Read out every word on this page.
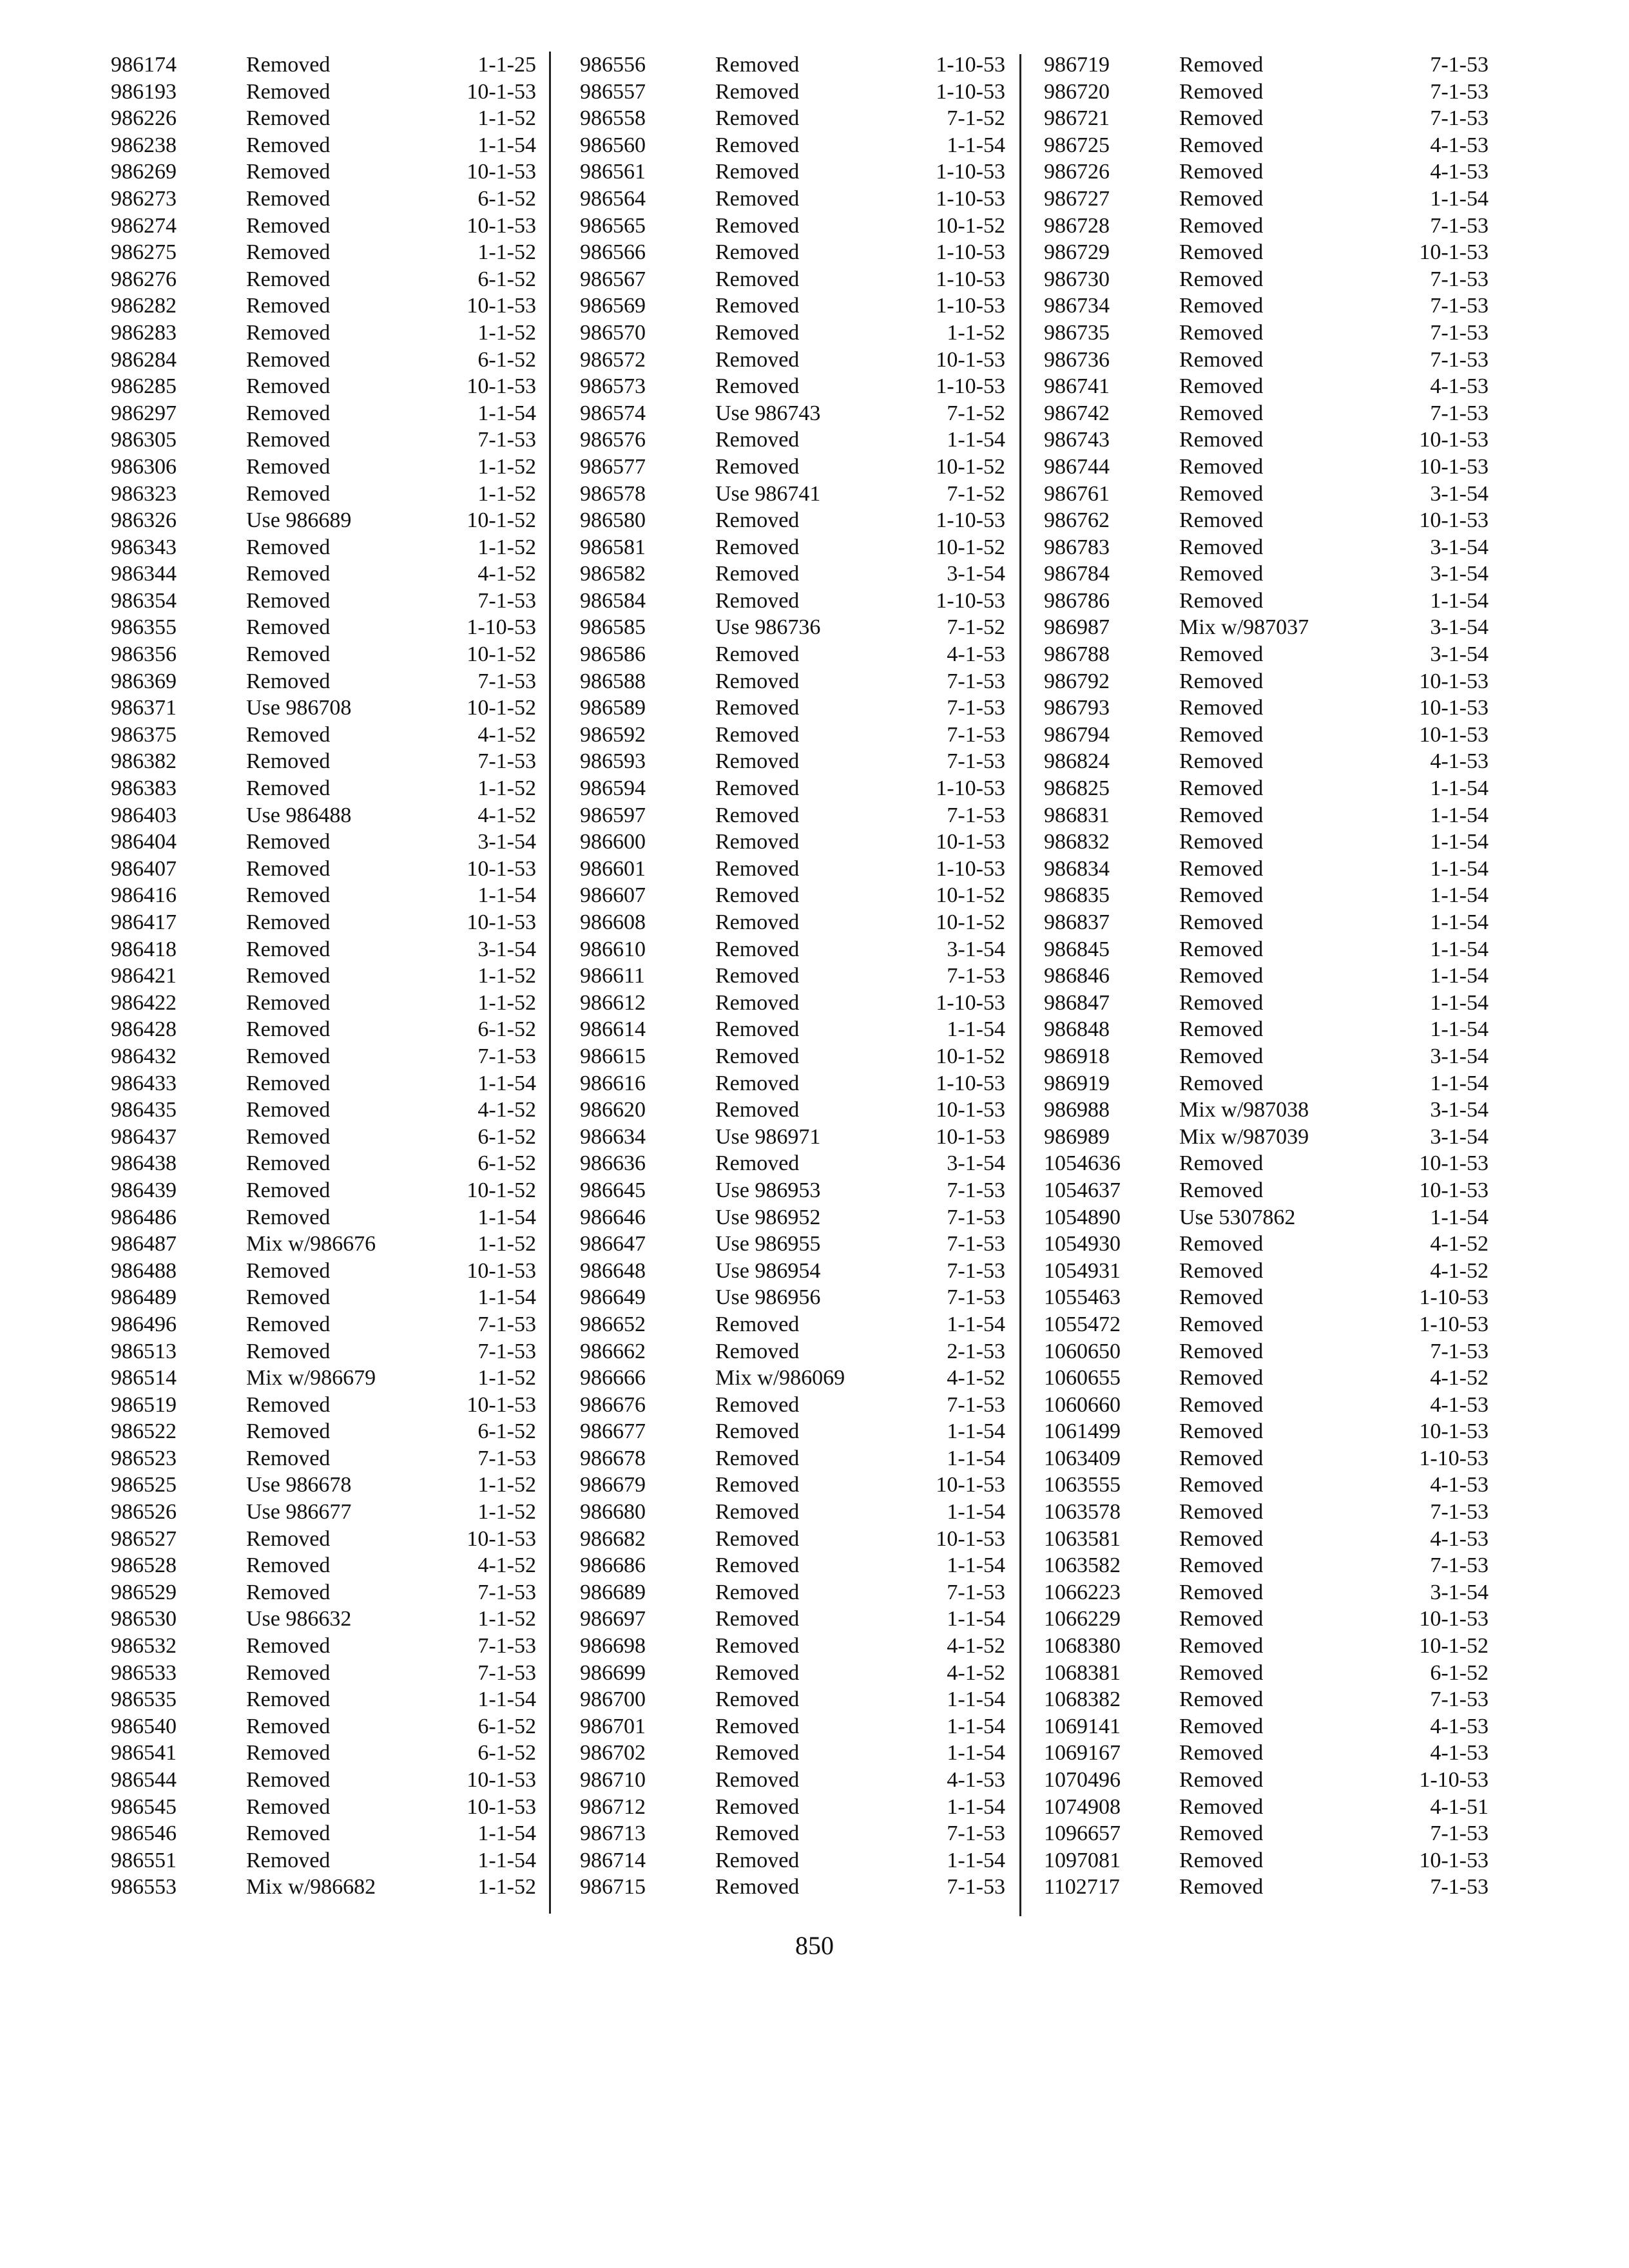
986174	Removed	1-1-25
986193	Removed	10-1-53
986226	Removed	1-1-52
986238	Removed	1-1-54
986269	Removed	10-1-53
986273	Removed	6-1-52
986274	Removed	10-1-53
986275	Removed	1-1-52
986276	Removed	6-1-52
986282	Removed	10-1-53
986283	Removed	1-1-52
986284	Removed	6-1-52
986285	Removed	10-1-53
986297	Removed	1-1-54
986305	Removed	7-1-53
986306	Removed	1-1-52
986323	Removed	1-1-52
986326	Use 986689	10-1-52
986343	Removed	1-1-52
986344	Removed	4-1-52
986354	Removed	7-1-53
986355	Removed	1-10-53
986356	Removed	10-1-52
986369	Removed	7-1-53
986371	Use 986708	10-1-52
986375	Removed	4-1-52
986382	Removed	7-1-53
986383	Removed	1-1-52
986403	Use 986488	4-1-52
986404	Removed	3-1-54
986407	Removed	10-1-53
986416	Removed	1-1-54
986417	Removed	10-1-53
986418	Removed	3-1-54
986421	Removed	1-1-52
986422	Removed	1-1-52
986428	Removed	6-1-52
986432	Removed	7-1-53
986433	Removed	1-1-54
986435	Removed	4-1-52
986437	Removed	6-1-52
986438	Removed	6-1-52
986439	Removed	10-1-52
986486	Removed	1-1-54
986487	Mix w/986676	1-1-52
986488	Removed	10-1-53
986489	Removed	1-1-54
986496	Removed	7-1-53
986513	Removed	7-1-53
986514	Mix w/986679	1-1-52
986519	Removed	10-1-53
986522	Removed	6-1-52
986523	Removed	7-1-53
986525	Use 986678	1-1-52
986526	Use 986677	1-1-52
986527	Removed	10-1-53
986528	Removed	4-1-52
986529	Removed	7-1-53
986530	Use 986632	1-1-52
986532	Removed	7-1-53
986533	Removed	7-1-53
986535	Removed	1-1-54
986540	Removed	6-1-52
986541	Removed	6-1-52
986544	Removed	10-1-53
986545	Removed	10-1-53
986546	Removed	1-1-54
986551	Removed	1-1-54
986553	Mix w/986682	1-1-52
986556	Removed	1-10-53
986557	Removed	1-10-53
986558	Removed	7-1-52
986560	Removed	1-1-54
986561	Removed	1-10-53
986564	Removed	1-10-53
986565	Removed	10-1-52
986566	Removed	1-10-53
986567	Removed	1-10-53
986569	Removed	1-10-53
986570	Removed	1-1-52
986572	Removed	10-1-53
986573	Removed	1-10-53
986574	Use 986743	7-1-52
986576	Removed	1-1-54
986577	Removed	10-1-52
986578	Use 986741	7-1-52
986580	Removed	1-10-53
986581	Removed	10-1-52
986582	Removed	3-1-54
986584	Removed	1-10-53
986585	Use 986736	7-1-52
986586	Removed	4-1-53
986588	Removed	7-1-53
986589	Removed	7-1-53
986592	Removed	7-1-53
986593	Removed	7-1-53
986594	Removed	1-10-53
986597	Removed	7-1-53
986600	Removed	10-1-53
986601	Removed	1-10-53
986607	Removed	10-1-52
986608	Removed	10-1-52
986610	Removed	3-1-54
986611	Removed	7-1-53
986612	Removed	1-10-53
986614	Removed	1-1-54
986615	Removed	10-1-52
986616	Removed	1-10-53
986620	Removed	10-1-53
986634	Use 986971	10-1-53
986636	Removed	3-1-54
986645	Use 986953	7-1-53
986646	Use 986952	7-1-53
986647	Use 986955	7-1-53
986648	Use 986954	7-1-53
986649	Use 986956	7-1-53
986652	Removed	1-1-54
986662	Removed	2-1-53
986666	Mix w/986069	4-1-52
986676	Removed	7-1-53
986677	Removed	1-1-54
986678	Removed	1-1-54
986679	Removed	10-1-53
986680	Removed	1-1-54
986682	Removed	10-1-53
986686	Removed	1-1-54
986689	Removed	7-1-53
986697	Removed	1-1-54
986698	Removed	4-1-52
986699	Removed	4-1-52
986700	Removed	1-1-54
986701	Removed	1-1-54
986702	Removed	1-1-54
986710	Removed	4-1-53
986712	Removed	1-1-54
986713	Removed	7-1-53
986714	Removed	1-1-54
986715	Removed	7-1-53
986719	Removed	7-1-53
986720	Removed	7-1-53
986721	Removed	7-1-53
986725	Removed	4-1-53
986726	Removed	4-1-53
986727	Removed	1-1-54
986728	Removed	7-1-53
986729	Removed	10-1-53
986730	Removed	7-1-53
986734	Removed	7-1-53
986735	Removed	7-1-53
986736	Removed	7-1-53
986741	Removed	4-1-53
986742	Removed	7-1-53
986743	Removed	10-1-53
986744	Removed	10-1-53
986761	Removed	3-1-54
986762	Removed	10-1-53
986783	Removed	3-1-54
986784	Removed	3-1-54
986786	Removed	1-1-54
986987	Mix w/987037	3-1-54
986788	Removed	3-1-54
986792	Removed	10-1-53
986793	Removed	10-1-53
986794	Removed	10-1-53
986824	Removed	4-1-53
986825	Removed	1-1-54
986831	Removed	1-1-54
986832	Removed	1-1-54
986834	Removed	1-1-54
986835	Removed	1-1-54
986837	Removed	1-1-54
986845	Removed	1-1-54
986846	Removed	1-1-54
986847	Removed	1-1-54
986848	Removed	1-1-54
986918	Removed	3-1-54
986919	Removed	1-1-54
986988	Mix w/987038	3-1-54
986989	Mix w/987039	3-1-54
1054636	Removed	10-1-53
1054637	Removed	10-1-53
1054890	Use 5307862	1-1-54
1054930	Removed	4-1-52
1054931	Removed	4-1-52
1055463	Removed	1-10-53
1055472	Removed	1-10-53
1060650	Removed	7-1-53
1060655	Removed	4-1-52
1060660	Removed	4-1-53
1061499	Removed	10-1-53
1063409	Removed	1-10-53
1063555	Removed	4-1-53
1063578	Removed	7-1-53
1063581	Removed	4-1-53
1063582	Removed	7-1-53
1066223	Removed	3-1-54
1066229	Removed	10-1-53
1068380	Removed	10-1-52
1068381	Removed	6-1-52
1068382	Removed	7-1-53
1069141	Removed	4-1-53
1069167	Removed	4-1-53
1070496	Removed	1-10-53
1074908	Removed	4-1-51
1096657	Removed	7-1-53
1097081	Removed	10-1-53
1102717	Removed	7-1-53
850
